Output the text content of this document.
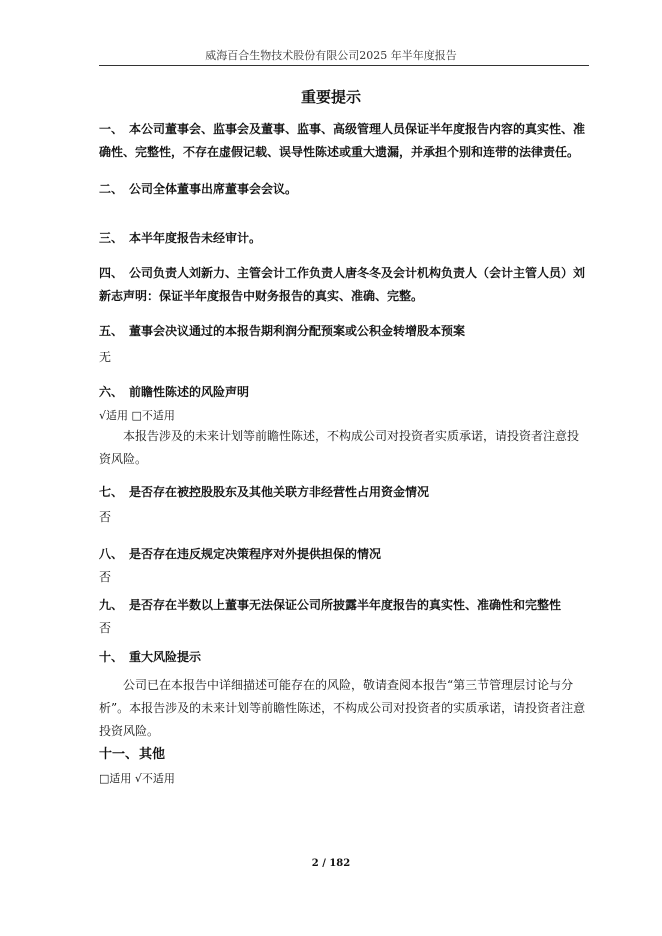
威海百合生物技术股份有限公司2025 年半年度报告
重要提示
一、 本公司董事会、监事会及董事、监事、高级管理人员保证半年度报告内容的真实性、准确性、完整性，不存在虚假记载、误导性陈述或重大遗漏，并承担个别和连带的法律责任。
二、 公司全体董事出席董事会会议。
三、 本半年度报告未经审计。
四、 公司负责人刘新力、主管会计工作负责人唐冬冬及会计机构负责人（会计主管人员）刘新志声明：保证半年度报告中财务报告的真实、准确、完整。
五、 董事会决议通过的本报告期利润分配预案或公积金转增股本预案
无
六、 前瞻性陈述的风险声明
√适用 □不适用
本报告涉及的未来计划等前瞻性陈述，不构成公司对投资者实质承诺，请投资者注意投资风险。
七、 是否存在被控股股东及其他关联方非经营性占用资金情况
否
八、 是否存在违反规定决策程序对外提供担保的情况
否
九、 是否存在半数以上董事无法保证公司所披露半年度报告的真实性、准确性和完整性
否
十、 重大风险提示
公司已在本报告中详细描述可能存在的风险，敬请查阅本报告“第三节管理层讨论与分析”。本报告涉及的未来计划等前瞻性陈述，不构成公司对投资者的实质承诺，请投资者注意投资风险。
十一、其他
□适用 √不适用
2 / 182
